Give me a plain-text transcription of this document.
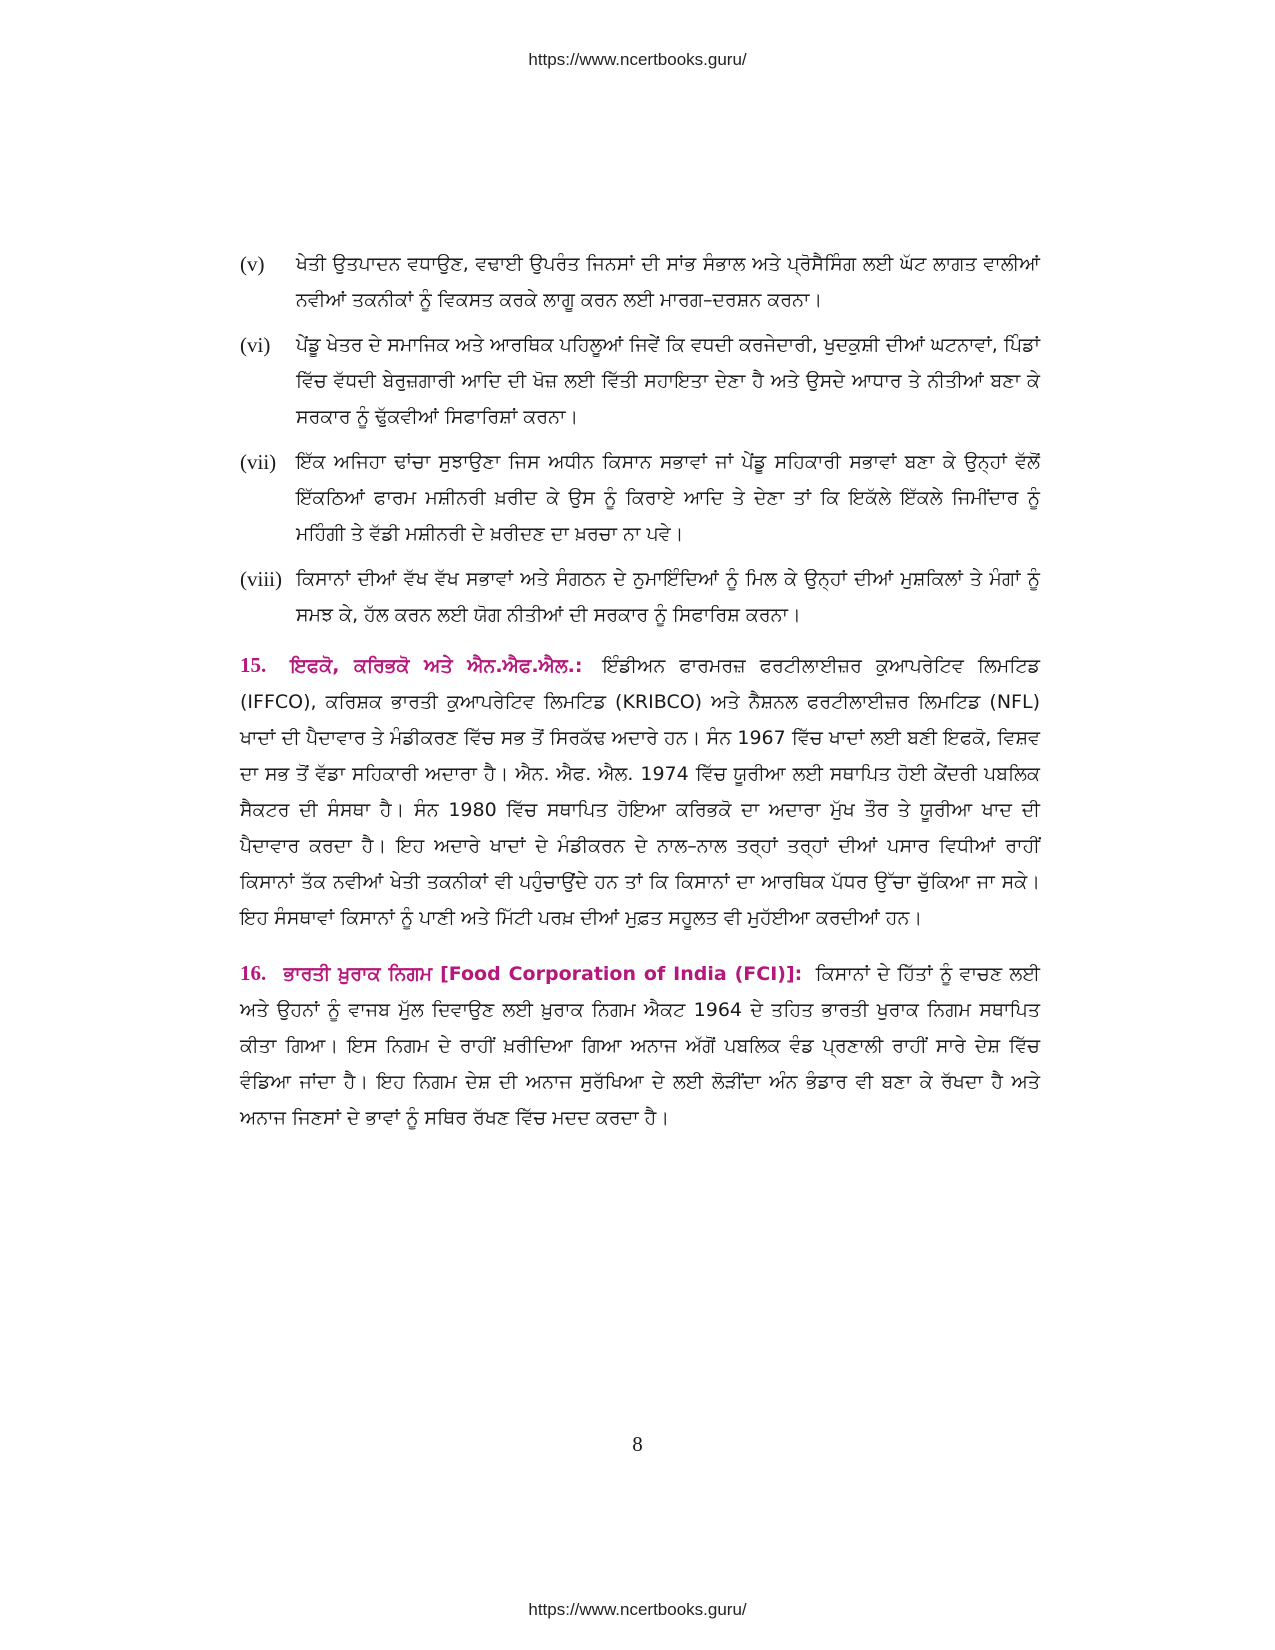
https://www.ncertbooks.guru/
(v)	ਖੇਤੀ ਉਤਪਾਦਨ ਵਧਾਉਣ, ਵਢਾਈ ਉਪਰੰਤ ਜਿਨਸਾਂ ਦੀ ਸਾਂਭ ਸੰਭਾਲ ਅਤੇ ਪ੍ਰੋਸੈਸਿੰਗ ਲਈ ਘੱਟ ਲਾਗਤ ਵਾਲੀਆਂ ਨਵੀਆਂ ਤਕਨੀਕਾਂ ਨੂੰ ਵਿਕਸਤ ਕਰਕੇ ਲਾਗੂ ਕਰਨ ਲਈ ਮਾਰਗ–ਦਰਸ਼ਨ ਕਰਨਾ।
(vi)	ਪੇਂਡੂ ਖੇਤਰ ਦੇ ਸਮਾਜਿਕ ਅਤੇ ਆਰਥਿਕ ਪਹਿਲੂਆਂ ਜਿਵੇਂ ਕਿ ਵਧਦੀ ਕਰਜੇਦਾਰੀ, ਖੁਦਕੁਸ਼ੀ ਦੀਆਂ ਘਟਨਾਵਾਂ, ਪਿੰਡਾਂ ਵਿੱਚ ਵੱਧਦੀ ਬੇਰੁਜ਼ਗਾਰੀ ਆਦਿ ਦੀ ਖੋਜ਼ ਲਈ ਵਿੱਤੀ ਸਹਾਇਤਾ ਦੇਣਾ ਹੈ ਅਤੇ ਉਸਦੇ ਆਧਾਰ ਤੇ ਨੀਤੀਆਂ ਬਣਾ ਕੇ ਸਰਕਾਰ ਨੂੰ ਢੁੱਕਵੀਆਂ ਸਿਫਾਰਿਸ਼ਾਂ ਕਰਨਾ।
(vii)	ਇੱਕ ਅਜਿਹਾ ਢਾਂਚਾ ਸੁਝਾਉਣਾ ਜਿਸ ਅਧੀਨ ਕਿਸਾਨ ਸਭਾਵਾਂ ਜਾਂ ਪੇਂਡੂ ਸਹਿਕਾਰੀ ਸਭਾਵਾਂ ਬਣਾ ਕੇ ਉਨ੍ਹਾਂ ਵੱਲੋਂ ਇੱਕਠਿਆਂ ਫਾਰਮ ਮਸ਼ੀਨਰੀ ਖ਼ਰੀਦ ਕੇ ਉਸ ਨੂੰ ਕਿਰਾਏ ਆਦਿ ਤੇ ਦੇਣਾ ਤਾਂ ਕਿ ਇਕੱਲੇ ਇੱਕਲੇ ਜਿਮੀਂਦਾਰ ਨੂੰ ਮਹਿੰਗੀ ਤੇ ਵੱਡੀ ਮਸ਼ੀਨਰੀ ਦੇ ਖ਼ਰੀਦਣ ਦਾ ਖ਼ਰਚਾ ਨਾ ਪਵੇ।
(viii) ਕਿਸਾਨਾਂ ਦੀਆਂ ਵੱਖ ਵੱਖ ਸਭਾਵਾਂ ਅਤੇ ਸੰਗਠਨ ਦੇ ਨੁਮਾਇੰਦਿਆਂ ਨੂੰ ਮਿਲ ਕੇ ਉਨ੍ਹਾਂ ਦੀਆਂ ਮੁਸ਼ਕਿਲਾਂ ਤੇ ਮੰਗਾਂ ਨੂੰ ਸਮਝ ਕੇ, ਹੱਲ ਕਰਨ ਲਈ ਯੋਗ ਨੀਤੀਆਂ ਦੀ ਸਰਕਾਰ ਨੂੰ ਸਿਫਾਰਿਸ਼ ਕਰਨਾ।

15. ਇਫਕੋ, ਕਰਿਭਕੋ ਅਤੇ ਐਨ.ਐਫ.ਐਲ.: ਇੰਡੀਅਨ ਫਾਰਮਰਜ਼ ਫਰਟੀਲਾਈਜ਼ਰ ਕੁਆਪਰੇਟਿਵ ਲਿਮਟਿਡ (IFFCO), ਕਰਿਸ਼ਕ ਭਾਰਤੀ ਕੁਆਪਰੇਟਿਵ ਲਿਮਟਿਡ (KRIBCO) ਅਤੇ ਨੈਸ਼ਨਲ ਫਰਟੀਲਾਈਜ਼ਰ ਲਿਮਟਿਡ (NFL) ਖਾਦਾਂ ਦੀ ਪੈਦਾਵਾਰ ਤੇ ਮੰਡੀਕਰਣ ਵਿੱਚ ਸਭ ਤੋਂ ਸਿਰਕੱਢ ਅਦਾਰੇ ਹਨ। ਸੰਨ 1967 ਵਿੱਚ ਖਾਦਾਂ ਲਈ ਬਣੀ ਇਫਕੋ, ਵਿਸ਼ਵ ਦਾ ਸਭ ਤੋਂ ਵੱਡਾ ਸਹਿਕਾਰੀ ਅਦਾਰਾ ਹੈ। ਐਨ. ਐਫ. ਐਲ. 1974 ਵਿੱਚ ਯੂਰੀਆ ਲਈ ਸਥਾਪਿਤ ਹੋਈ ਕੇਂਦਰੀ ਪਬਲਿਕ ਸੈਕਟਰ ਦੀ ਸੰਸਥਾ ਹੈ। ਸੰਨ 1980 ਵਿੱਚ ਸਥਾਪਿਤ ਹੋਇਆ ਕਰਿਭਕੋ ਦਾ ਅਦਾਰਾ ਮੁੱਖ ਤੌਰ ਤੇ ਯੂਰੀਆ ਖਾਦ ਦੀ ਪੈਦਾਵਾਰ ਕਰਦਾ ਹੈ। ਇਹ ਅਦਾਰੇ ਖਾਦਾਂ ਦੇ ਮੰਡੀਕਰਨ ਦੇ ਨਾਲ–ਨਾਲ ਤਰ੍ਹਾਂ ਤਰ੍ਹਾਂ ਦੀਆਂ ਪਸਾਰ ਵਿਧੀਆਂ ਰਾਹੀਂ ਕਿਸਾਨਾਂ ਤੱਕ ਨਵੀਆਂ ਖੇਤੀ ਤਕਨੀਕਾਂ ਵੀ ਪਹੁੰਚਾਉਂਦੇ ਹਨ ਤਾਂ ਕਿ ਕਿਸਾਨਾਂ ਦਾ ਆਰਥਿਕ ਪੱਧਰ ਉੱਚਾ ਚੁੱਕਿਆ ਜਾ ਸਕੇ। ਇਹ ਸੰਸਥਾਵਾਂ ਕਿਸਾਨਾਂ ਨੂੰ ਪਾਣੀ ਅਤੇ ਮਿੱਟੀ ਪਰਖ਼ ਦੀਆਂ ਮੁਫ਼ਤ ਸਹੂਲਤ ਵੀ ਮੁਹੱਈਆ ਕਰਦੀਆਂ ਹਨ।

16. ਭਾਰਤੀ ਖ਼ੁਰਾਕ ਨਿਗਮ [Food Corporation of India (FCI)]: ਕਿਸਾਨਾਂ ਦੇ ਹਿੱਤਾਂ ਨੂੰ ਵਾਚਣ ਲਈ ਅਤੇ ਉਹਨਾਂ ਨੂੰ ਵਾਜਬ ਮੁੱਲ ਦਿਵਾਉਣ ਲਈ ਖ਼ੁਰਾਕ ਨਿਗਮ ਐਕਟ 1964 ਦੇ ਤਹਿਤ ਭਾਰਤੀ ਖੁਰਾਕ ਨਿਗਮ ਸਥਾਪਿਤ ਕੀਤਾ ਗਿਆ। ਇਸ ਨਿਗਮ ਦੇ ਰਾਹੀਂ ਖ਼ਰੀਦਿਆ ਗਿਆ ਅਨਾਜ ਅੱਗੋਂ ਪਬਲਿਕ ਵੰਡ ਪ੍ਰਣਾਲੀ ਰਾਹੀਂ ਸਾਰੇ ਦੇਸ਼ ਵਿੱਚ ਵੰਡਿਆ ਜਾਂਦਾ ਹੈ। ਇਹ ਨਿਗਮ ਦੇਸ਼ ਦੀ ਅਨਾਜ ਸੁਰੱਖਿਆ ਦੇ ਲਈ ਲੋੜੀਂਦਾ ਅੰਨ ਭੰਡਾਰ ਵੀ ਬਣਾ ਕੇ ਰੱਖਦਾ ਹੈ ਅਤੇ ਅਨਾਜ ਜਿਣਸਾਂ ਦੇ ਭਾਵਾਂ ਨੂੰ ਸਥਿਰ ਰੱਖਣ ਵਿੱਚ ਮਦਦ ਕਰਦਾ ਹੈ।

8
https://www.ncertbooks.guru/
